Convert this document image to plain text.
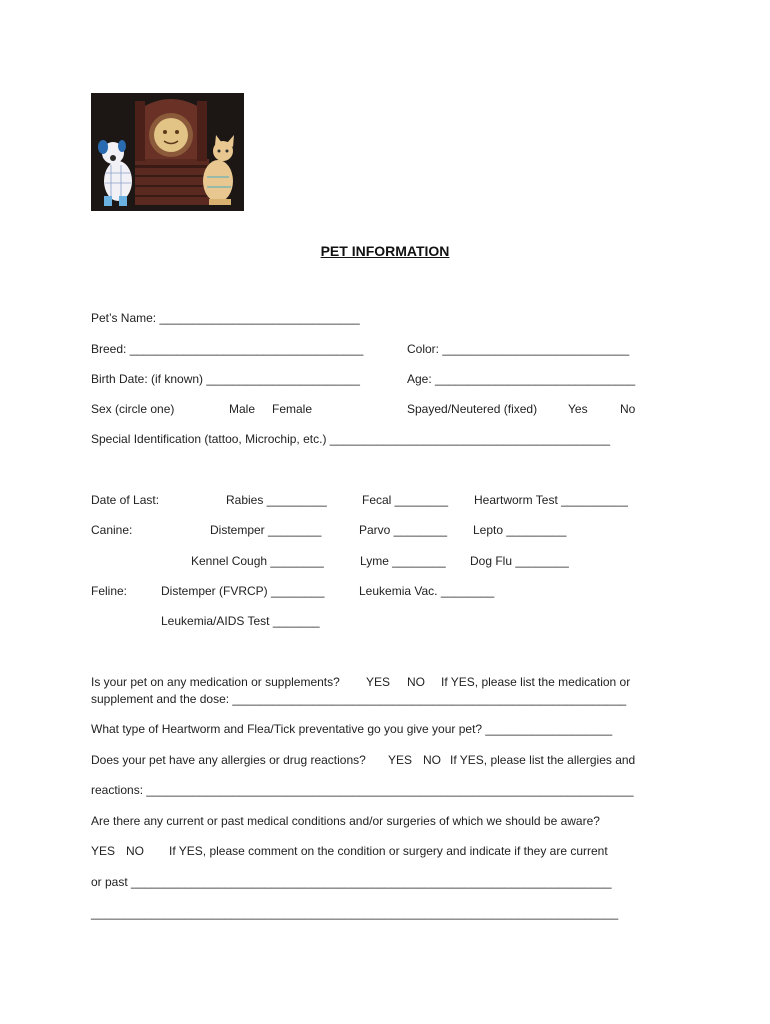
PET INFORMATION
Pet’s Name: ______________________________
Breed: ___________________________________	Color: ____________________________
Birth Date: (if known) _______________________	Age: ______________________________
Sex (circle one)	Male Female	Spayed/Neutered (fixed)	Yes	No
Special Identification (tattoo, Microchip, etc.) __________________________________________
Date of Last:	Rabies _________	Fecal ________ Heartworm Test __________
Canine:	Distemper ________	Parvo ________ Lepto _________
Kennel Cough ________	Lyme ________ Dog Flu ________
Feline:	Distemper (FVRCP) ________	Leukemia Vac. ________
Leukemia/AIDS Test _______
Is your pet on any medication or supplements? YES NO If YES, please list the medication or
supplement and the dose: ___________________________________________________________
What type of Heartworm and Flea/Tick preventative go you give your pet? ___________________
Does your pet have any allergies or drug reactions? YES NO If YES, please list the allergies and
reactions: _________________________________________________________________________
Are there any current or past medical conditions and/or surgeries of which we should be aware?
YES NO If YES, please comment on the condition or surgery and indicate if they are current
or past ________________________________________________________________________
_______________________________________________________________________________
